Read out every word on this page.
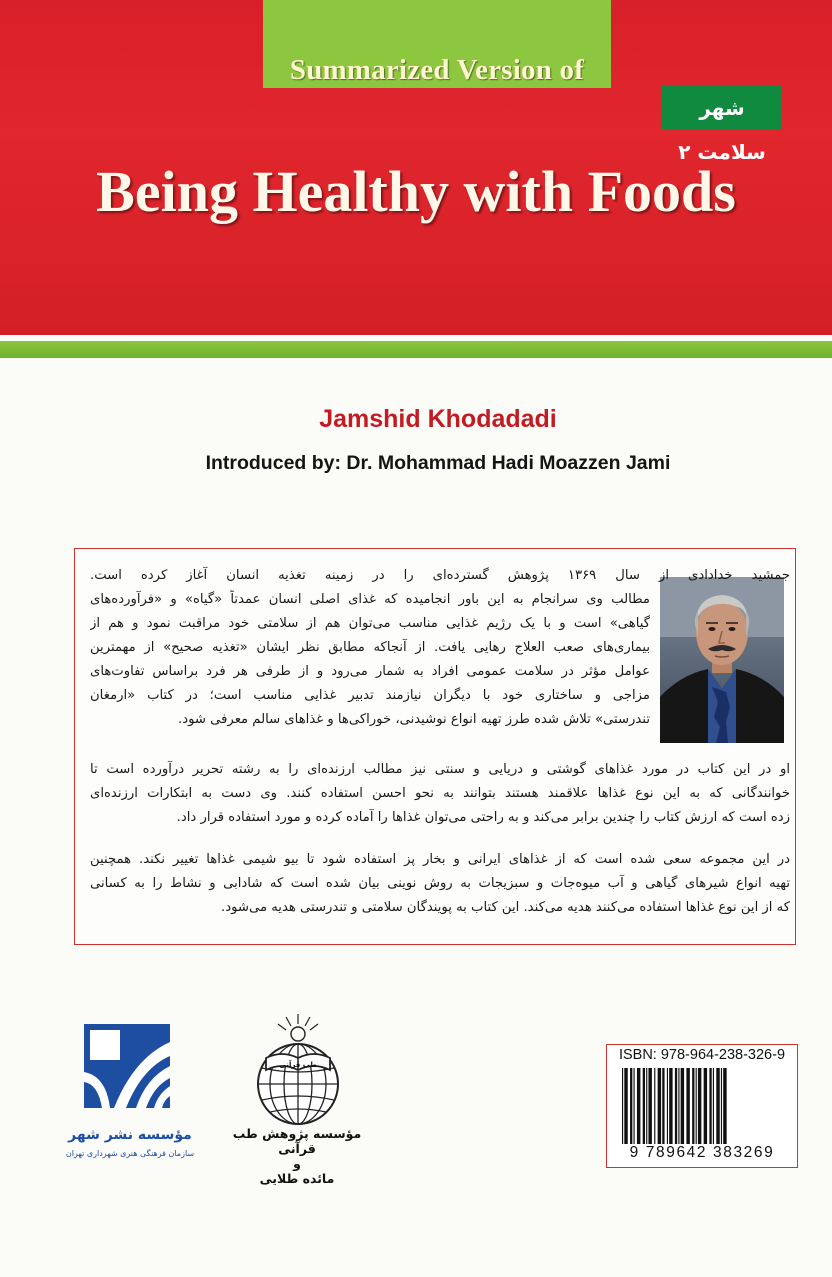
Summarized Version of
شهر سلامت ۲
Being Healthy with Foods
Jamshid Khodadadi
Introduced by: Dr. Mohammad Hadi Moazzen Jami
جمشید خدادادی از سال ۱۳۶۹ پژوهش گسترده‌ای را در زمینه تغذیه انسان آغاز کرده است.
مطالب وی سرانجام به این باور انجامیده که غذای اصلی انسان عمدتاً «گیاه» و «فرآورده‌های
گیاهی» است و با یک رژیم غذایی مناسب می‌توان هم از سلامتی خود مراقبت نمود و هم از
بیماری‌های صعب العلاج رهایی یافت. از آنجاکه مطابق نظر ایشان «تغذیه صحیح» از مهمترین
عوامل مؤثر در سلامت عمومی افراد به شمار می‌رود و از طرفی هر فرد براساس تفاوت‌های
مزاجی و ساختاری خود با دیگران نیازمند تدبیر غذایی مناسب است؛ در کتاب «ارمغان
تندرستی» تلاش شده طرز تهیه انواع نوشیدنی، خوراکی‌ها و غذاهای سالم معرفی شود.
او در این کتاب در مورد غذاهای گوشتی و دریایی و سنتی نیز مطالب ارزنده‌ای را به رشته تحریر درآورده است تا
خوانندگانی که به این نوع غذاها علاقمند هستند بتوانند به نحو احسن استفاده کنند. وی دست به ابتکارات ارزنده‌ای
زده است که ارزش کتاب را چندین برابر می‌کند و به راحتی می‌توان غذاها را آماده کرده و مورد استفاده قرار داد.
در این مجموعه سعی شده است که از غذاهای ایرانی و بخار پز استفاده شود تا بیو شیمی غذاها تغییر نکند. همچنین
تهیه انواع شیرهای گیاهی و آب میوه‌جات و سبزیجات به روش نوینی بیان شده است که شادابی و نشاط را به کسانی
که از این نوع غذاها استفاده می‌کنند هدیه می‌کند. این کتاب به پویندگان سلامتی و تندرستی هدیه می‌شود.
مؤسسه نشر شهر
سازمان فرهنگی هنری شهرداری تهران
طب قرآنی
مؤسسه پژوهش طب قرآنی
و
مائده طلایی
ISBN: 978-964-238-326-9
9 789642 383269
